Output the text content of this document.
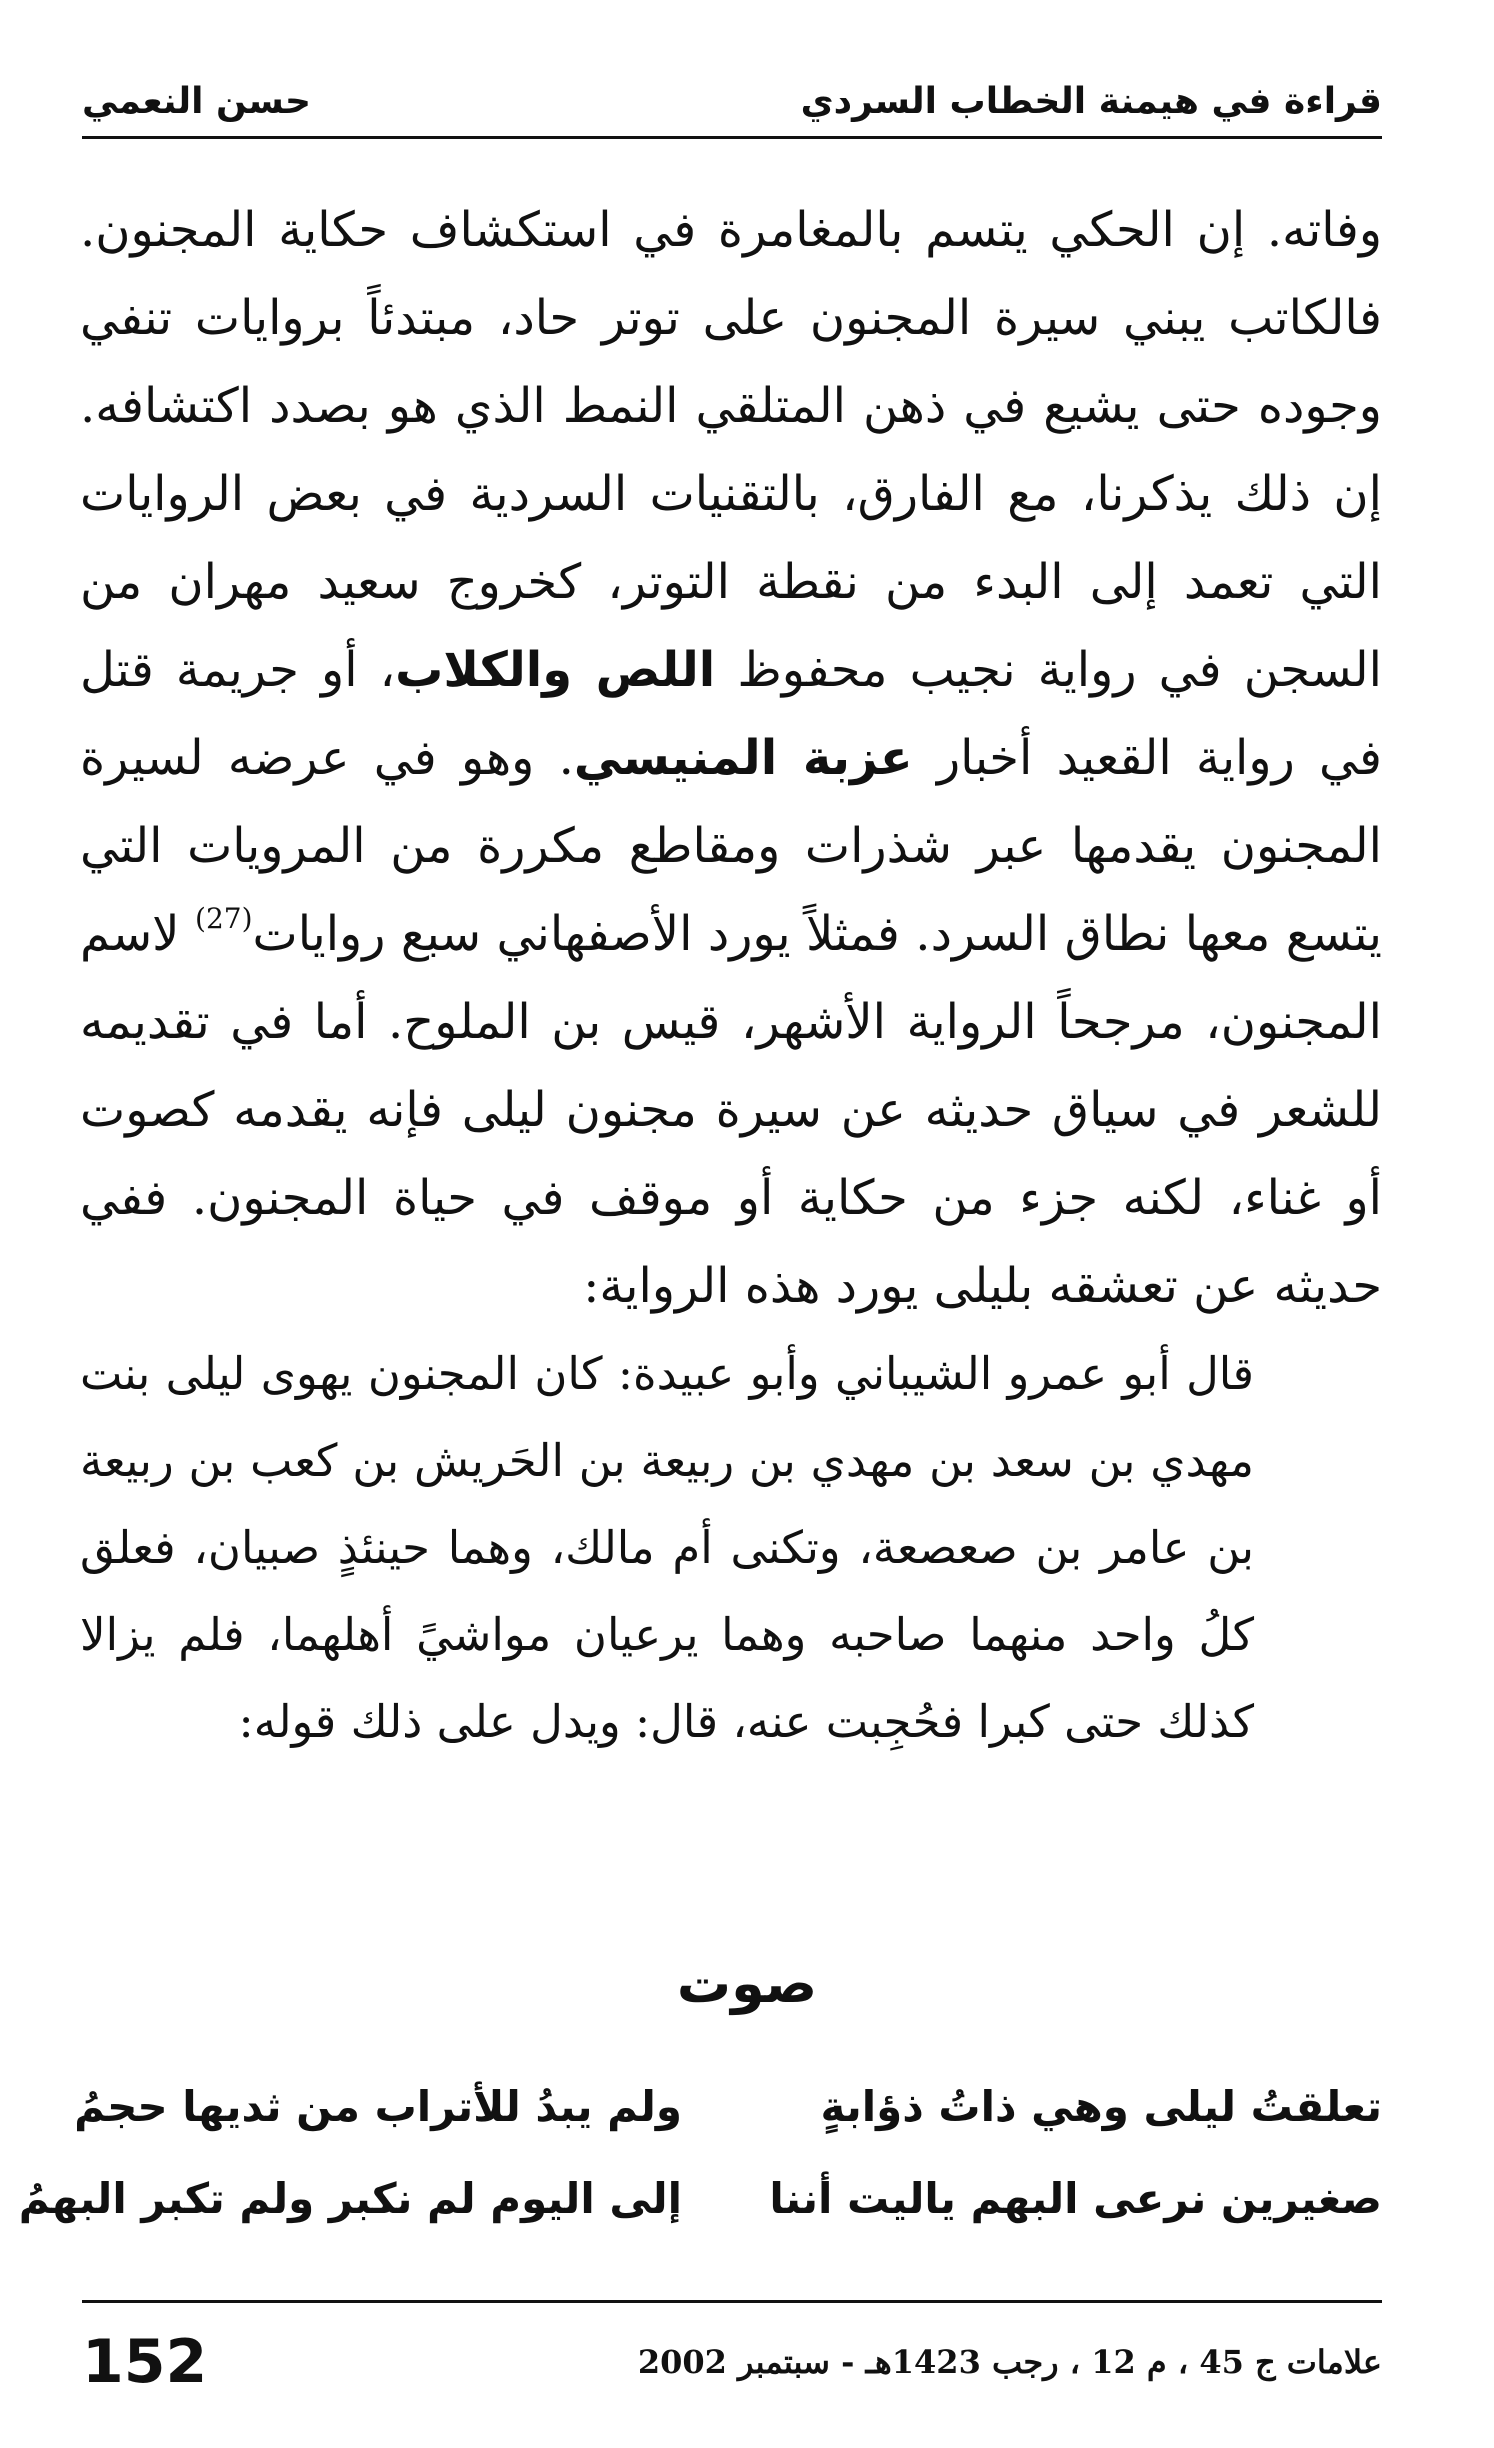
قراءة في هيمنة الخطاب السردي
حسن النعمي

وفاته. إن الحكي يتسم بالمغامرة في استكشاف حكاية المجنون. فالكاتب يبني سيرة المجنون على توتر حاد، مبتدئاً بروايات تنفي وجوده حتى يشيع في ذهن المتلقي النمط الذي هو بصدد اكتشافه. إن ذلك يذكرنا، مع الفارق، بالتقنيات السردية في بعض الروايات التي تعمد إلى البدء من نقطة التوتر، كخروج سعيد مهران من السجن في رواية نجيب محفوظ اللص والكلاب، أو جريمة قتل في رواية القعيد أخبار عزبة المنيسي. وهو في عرضه لسيرة المجنون يقدمها عبر شذرات ومقاطع مكررة من المرويات التي يتسع معها نطاق السرد. فمثلاً يورد الأصفهاني سبع روايات$^{(27)}$ لاسم المجنون، مرجحاً الرواية الأشهر، قيس بن الملوح. أما في تقديمه للشعر في سياق حديثه عن سيرة مجنون ليلى فإنه يقدمه كصوت أو غناء، لكنه جزء من حكاية أو موقف في حياة المجنون. ففي حديثه عن تعشقه بليلى يورد هذه الرواية:

قال أبو عمرو الشيباني وأبو عبيدة: كان المجنون يهوى ليلى بنت مهدي بن سعد بن مهدي بن ربيعة بن الحَريش بن كعب بن ربيعة بن عامر بن صعصعة، وتكنى أم مالك، وهما حينئذٍ صبيان، فعلق كلُ واحد منهما صاحبه وهما يرعيان مواشيً أهلهما، فلم يزالا كذلك حتى كبرا فحُجِبت عنه، قال: ويدل على ذلك قوله:

صوت
تعلقتُ ليلى وهي ذاتُ ذؤابةٍ
ولم يبدُ للأتراب من ثديها حجمُ
صغيرين نرعى البهم ياليت أننا
إلى اليوم لم نكبر ولم تكبر البهمُ
علامات ج 45 ، م 12 ، رجب 1423هـ - سبتمبر 2002
152
